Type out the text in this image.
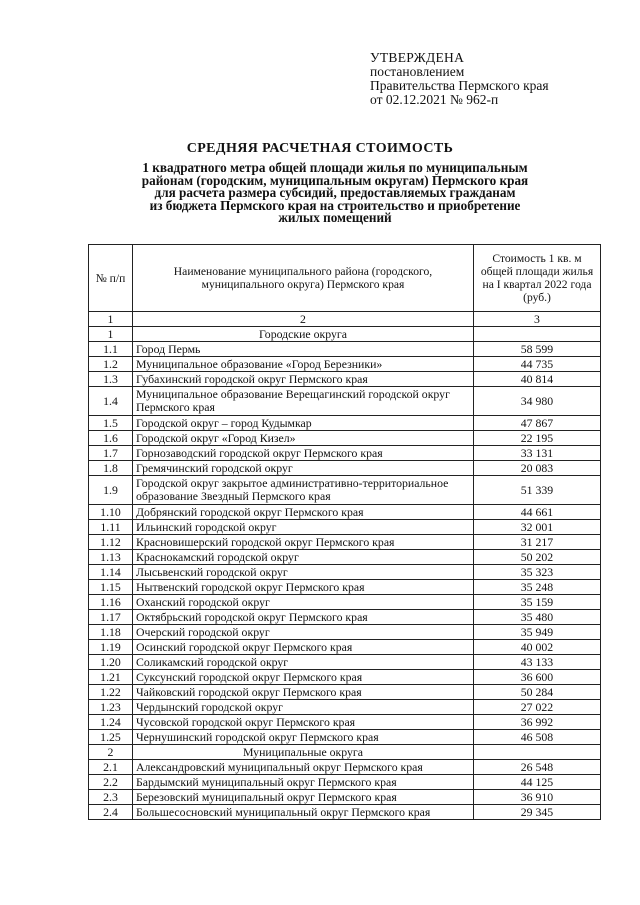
УТВЕРЖДЕНА
постановлением
Правительства Пермского края
от 02.12.2021 № 962-п
СРЕДНЯЯ РАСЧЕТНАЯ СТОИМОСТЬ
1 квадратного метра общей площади жилья по муниципальным
районам (городским, муниципальным округам) Пермского края
для расчета размера субсидий, предоставляемых гражданам
из бюджета Пермского края на строительство и приобретение
жилых помещений
№ п/п	Наименование муниципального района (городского, муниципального округа) Пермского края	Стоимость 1 кв. м общей площади жилья на I квартал 2022 года (руб.)
1	2	3
1	Городские округа	
1.1	Город Пермь	58 599
1.2	Муниципальное образование «Город Березники»	44 735
1.3	Губахинский городской округ Пермского края	40 814
1.4	Муниципальное образование Верещагинский городской округ Пермского края	34 980
1.5	Городской округ – город Кудымкар	47 867
1.6	Городской округ «Город Кизел»	22 195
1.7	Горнозаводский городской округ Пермского края	33 131
1.8	Гремячинский городской округ	20 083
1.9	Городской округ закрытое административно-территориальное образование Звездный Пермского края	51 339
1.10	Добрянский городской округ Пермского края	44 661
1.11	Ильинский городской округ	32 001
1.12	Красновишерский городской округ Пермского края	31 217
1.13	Краснокамский городской округ	50 202
1.14	Лысьвенский городской округ	35 323
1.15	Нытвенский городской округ Пермского края	35 248
1.16	Оханский городской округ	35 159
1.17	Октябрьский городской округ Пермского края	35 480
1.18	Очерский городской округ	35 949
1.19	Осинский городской округ Пермского края	40 002
1.20	Соликамский городской округ	43 133
1.21	Суксунский городской округ Пермского края	36 600
1.22	Чайковский городской округ Пермского края	50 284
1.23	Чердынский городской округ	27 022
1.24	Чусовской городской округ Пермского края	36 992
1.25	Чернушинский городской округ Пермского края	46 508
2	Муниципальные округа	
2.1	Александровский муниципальный округ Пермского края	26 548
2.2	Бардымский муниципальный округ Пермского края	44 125
2.3	Березовский муниципальный округ Пермского края	36 910
2.4	Большесосновский муниципальный округ Пермского края	29 345
